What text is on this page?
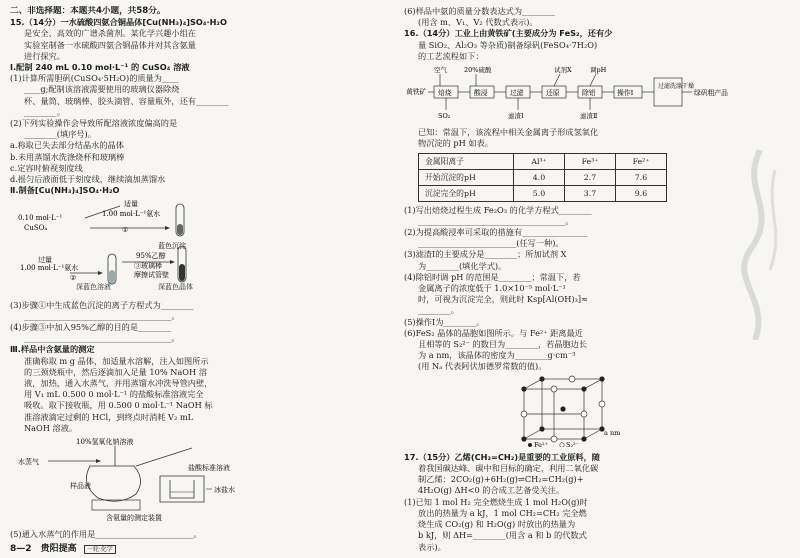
二、非选择题：本题共4小题，共58分。
15.（14分）一水硫酸四氨合铜晶体[Cu(NH₃)₄]SO₄·H₂O
是安全、高效的广谱杀菌剂。某化学兴趣小组在
实验室制备一水硫酸四氨合铜晶体并对其含氨量
进行探究。
Ⅰ.配制 240 mL 0.10 mol·L⁻¹ 的 CuSO₄ 溶液
(1)计算所需胆矾(CuSO₄·5H₂O)的质量为____
____g;配制该溶液需要使用的玻璃仪器除烧
杯、量筒、玻璃棒、胶头滴管、容量瓶外，还有________
________。
(2)下列实验操作会导致所配溶液浓度偏高的是
________(填序号)。
a.称取已失去部分结晶水的晶体
b.未用蒸馏水洗涤烧杯和玻璃棒
c.定容时俯视刻度线
d.摇匀后液面低于刻度线，继续滴加蒸馏水
Ⅱ.制备[Cu(NH₃)₄]SO₄·H₂O
0.10 mol·L⁻¹
CuSO₄
适量
1.00 mol·L⁻¹氨水
①
蓝色沉淀
过量
1.00 mol·L⁻¹氨水
②
95%乙醇
③玻璃棒
摩擦试管壁
深蓝色溶液	深蓝色晶体
(3)步骤①中生成蓝色沉淀的离子方程式为________
____________________________________。
(4)步骤③中加入95%乙醇的目的是________
____________________________________。
Ⅲ.样品中含氨量的测定
准确称取 m g 晶体，加适量水溶解，注入如图所示
的三颈烧瓶中，然后逐滴加入足量 10% NaOH 溶
液，加热，通入水蒸气，并用蒸馏水冲洗导管内壁，
用 V₁ mL 0.500 0 mol·L⁻¹ 的盐酸标准溶液完全
吸收。取下接收瓶，用 0.500 0 mol·L⁻¹ NaOH 标
准溶液滴定过剩的 HCl，到终点时消耗 V₂ mL
NaOH 溶液。
10%氢氧化钠溶液
水蒸气
样品液
盐酸标准溶液
冰盐水
含氨量的测定装置
(5)通入水蒸气的作用是________________________。
(6)样品中氨的质量分数表达式为________
(用含 m、V₁、V₂ 代数式表示)。
16.（14分）工业上由黄铁矿(主要成分为 FeS₂，还有少
量 SiO₂、Al₂O₃ 等杂质)制备绿矾(FeSO₄·7H₂O)
的工艺流程如下：
空气	20%硫酸	试剂X	调pH
黄铁矿 焙烧	酸浸	过滤	还原	除铝	操作Ⅰ
过滤洗涤干燥
绿矾粗产品
SO₂	滤渣Ⅰ	滤渣Ⅱ
已知：常温下，该流程中相关金属离子形成氢氧化
物沉淀的 pH 如表。
金属阳离子	Al³⁺	Fe³⁺	Fe²⁺
开始沉淀的pH	4.0	2.7	7.6
沉淀完全的pH	5.0	3.7	9.6
(1)写出焙烧过程生成 Fe₂O₃ 的化学方程式________
____________________________________。
(2)为提高酸浸率可采取的措施有________________
________________________(任写一种)。
(3)滤渣Ⅰ的主要成分是________；所加试剂 X
为________(填化学式)。
(4)除铝时调 pH 的范围是________；常温下，若
金属离子的浓度低于 1.0×10⁻⁵ mol·L⁻¹
时，可视为沉淀完全，则此时 Ksp[Al(OH)₃]≈
________。
(5)操作Ⅰ为________。
(6)FeS₂ 晶体的晶胞如图所示。与 Fe²⁺ 距离最近
且相等的 S₂²⁻ 的数目为________，若晶胞边长
为 a nm，该晶体的密度为________g·cm⁻³
(用 Nₐ 代表阿伏加德罗常数的值)。
a nm
Fe²⁺	S₂²⁻
17.（15分）乙烯(CH₂=CH₂)是重要的工业原料，随
着我国碳达峰、碳中和目标的确定，利用二氧化碳
制乙烯：2CO₂(g)+6H₂(g)⇌CH₂=CH₂(g)+
4H₂O(g) ΔH<0 的合成工艺备受关注。
(1)已知 1 mol H₂ 完全燃烧生成 1 mol H₂O(g)时
放出的热量为 a kJ，1 mol CH₂=CH₂ 完全燃
烧生成 CO₂(g) 和 H₂O(g) 时放出的热量为
b kJ，则 ΔH=________(用含 a 和 b 的代数式
表示)。
8—2 贵阳提高 一轮·化学
